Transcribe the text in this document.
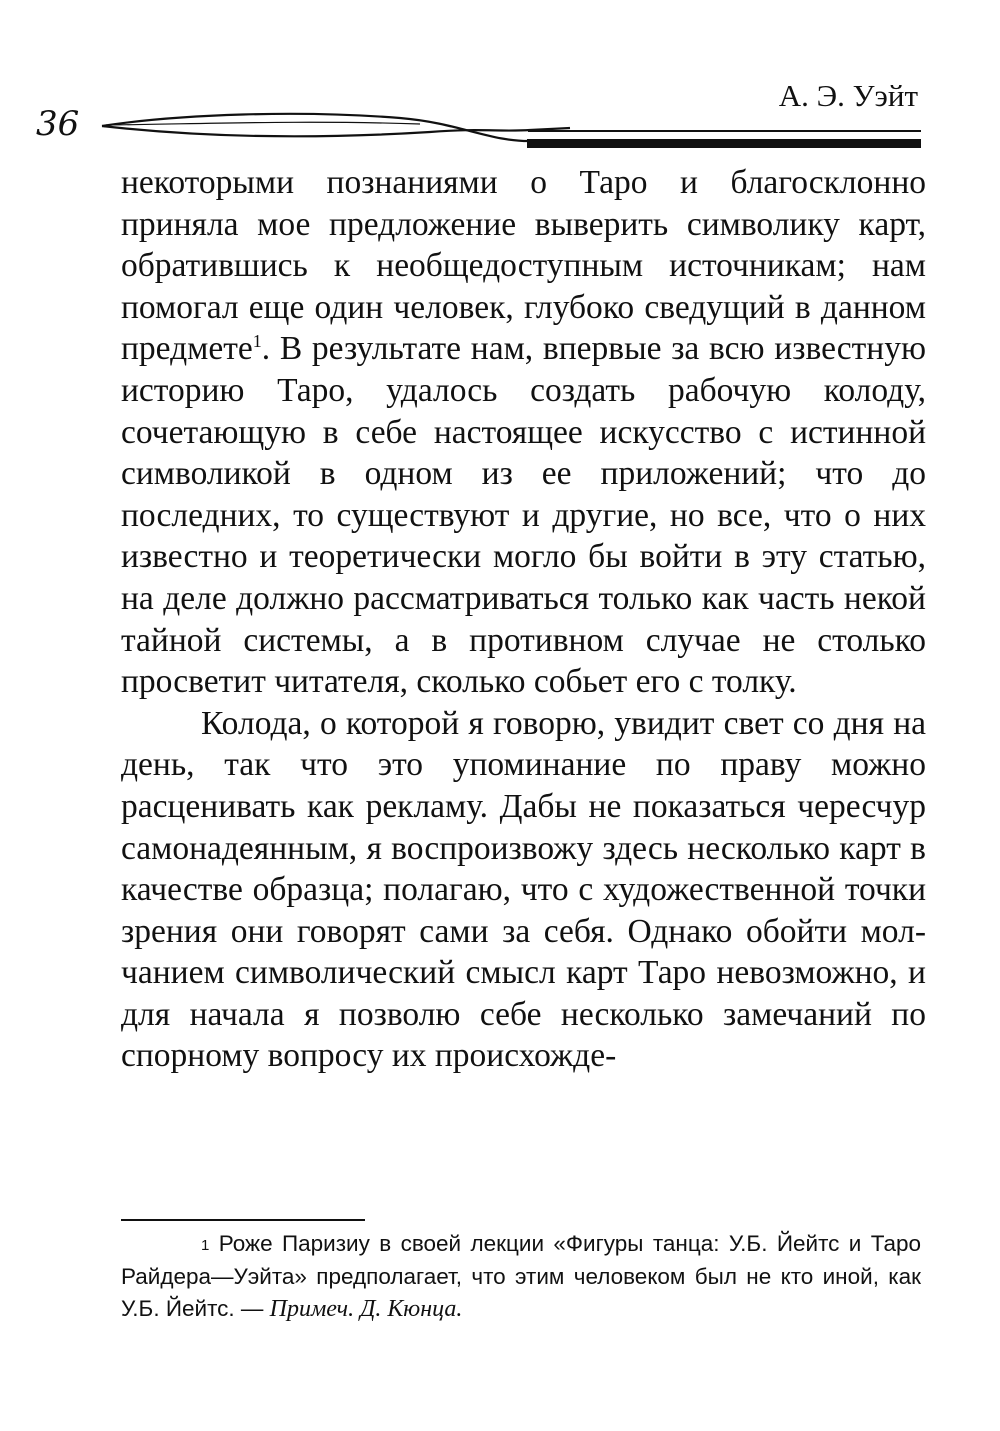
36
А. Э. Уэйт

некоторыми познаниями о Таро и благосклонно приняла мое предложение выверить символику карт, обратившись к необщедоступным источникам; нам помогал еще один человек, глубоко сведущий в данном предмете$^1$. В результате нам, впервые за всю известную историю Таро, удалось создать рабочую колоду, сочетающую в себе настоящее искусство с истинной символикой в одном из ее приложений; что до последних, то существуют и другие, но все, что о них известно и теоретически могло бы войти в эту статью, на деле должно рассматриваться только как часть некой тайной системы, а в противном случае не столько просветит читателя, сколько собьет его с толку.

Колода, о которой я говорю, увидит свет со дня на день, так что это упоминание по праву можно расценивать как рекламу. Дабы не показаться чересчур самонадеянным, я воспроизвожу здесь несколько карт в качестве образца; полагаю, что с художественной точки зрения они говорят сами за себя. Однако обойти молчанием символический смысл карт Таро невозможно, и для начала я позволю себе несколько замечаний по спорному вопросу их происхожде-

$^1$ Роже Паризиу в своей лекции «Фигуры танца: У.Б. Йейтс и Таро Райдера—Уэйта» предполагает, что этим человеком был не кто иной, как У.Б. Йейтс. — Примеч. Д. Кюнца.
